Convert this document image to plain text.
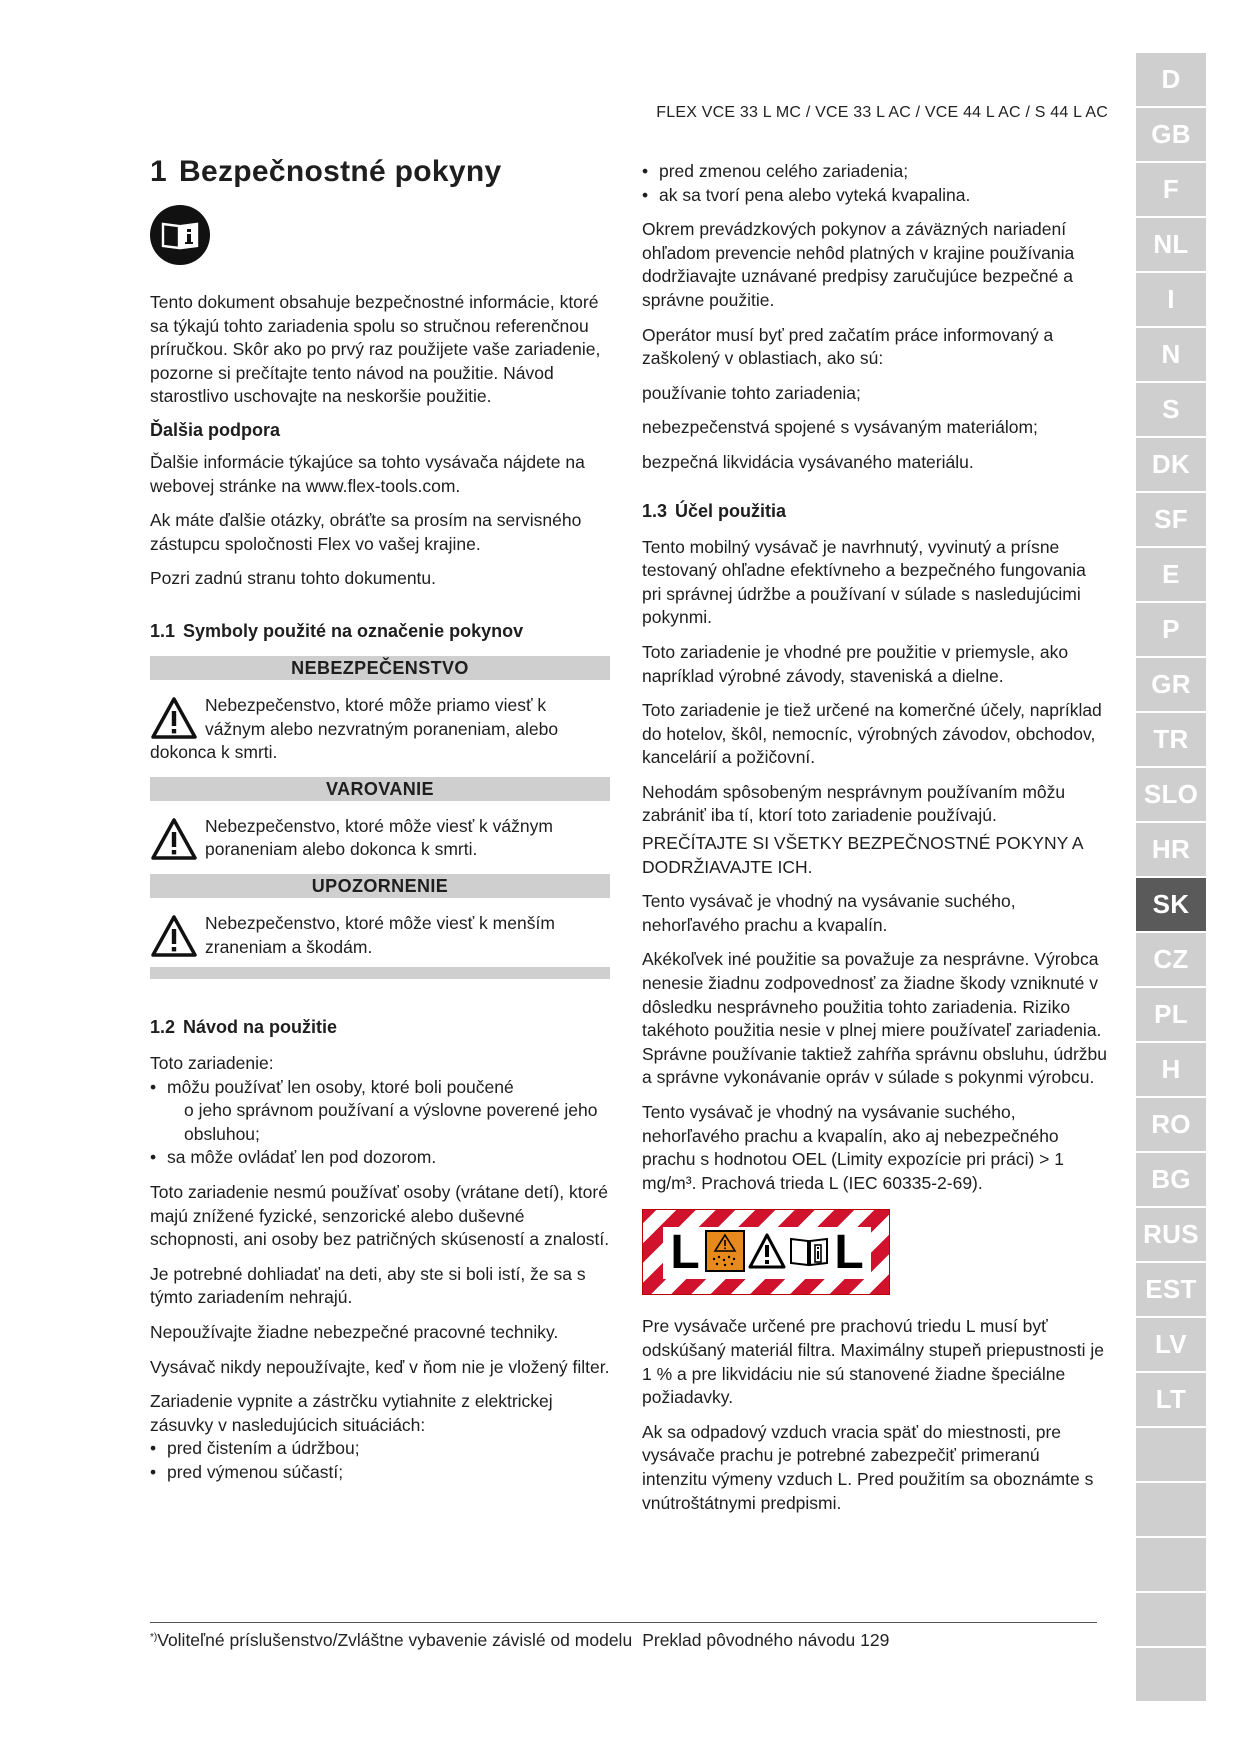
FLEX VCE 33 L MC / VCE 33 L AC / VCE 44 L AC / S 44 L AC
1 Bezpečnostné pokyny

Tento dokument obsahuje bezpečnostné informácie, ktoré sa týkajú tohto zariadenia spolu so stručnou referenčnou príručkou. Skôr ako po prvý raz použijete vaše zariadenie, pozorne si prečítajte tento návod na použitie. Návod starostlivo uschovajte na neskoršie použitie.

Ďalšia podpora

Ďalšie informácie týkajúce sa tohto vysávača nájdete na webovej stránke na www.flex-tools.com.

Ak máte ďalšie otázky, obráťte sa prosím na servisného zástupcu spoločnosti Flex vo vašej krajine.

Pozri zadnú stranu tohto dokumentu.

1.1 Symboly použité na označenie pokynov
NEBEZPEČENSTVO
Nebezpečenstvo, ktoré môže priamo viesť k vážnym alebo nezvratným poraneniam, alebo dokonca k smrti.
VAROVANIE
Nebezpečenstvo, ktoré môže viesť k vážnym poraneniam alebo dokonca k smrti.
UPOZORNENIE
Nebezpečenstvo, ktoré môže viesť k menším zraneniam a škodám.
1.2 Návod na použitie

Toto zariadenie:

• môžu používať len osoby, ktoré boli poučené
o jeho správnom používaní a výslovne poverené jeho obsluhou;
• sa môže ovládať len pod dozorom.

Toto zariadenie nesmú používať osoby (vrátane detí), ktoré majú znížené fyzické, senzorické alebo duševné schopnosti, ani osoby bez patričných skúseností a znalostí.

Je potrebné dohliadať na deti, aby ste si boli istí, že sa s týmto zariadením nehrajú.

Nepoužívajte žiadne nebezpečné pracovné techniky.

Vysávač nikdy nepoužívajte, keď v ňom nie je vložený filter.

Zariadenie vypnite a zástrčku vytiahnite z elektrickej zásuvky v nasledujúcich situáciách:

• pred čistením a údržbou;
• pred výmenou súčastí;
• pred zmenou celého zariadenia;
• ak sa tvorí pena alebo vyteká kvapalina.

Okrem prevádzkových pokynov a záväzných nariadení ohľadom prevencie nehôd platných v krajine používania dodržiavajte uznávané predpisy zaručujúce bezpečné a správne použitie.

Operátor musí byť pred začatím práce informovaný a zaškolený v oblastiach, ako sú:

používanie tohto zariadenia;

nebezpečenstvá spojené s vysávaným materiálom;

bezpečná likvidácia vysávaného materiálu.

1.3 Účel použitia

Tento mobilný vysávač je navrhnutý, vyvinutý a prísne testovaný ohľadne efektívneho a bezpečného fungovania pri správnej údržbe a používaní v súlade s nasledujúcimi pokynmi.

Toto zariadenie je vhodné pre použitie v priemysle, ako napríklad výrobné závody, staveniská a dielne.

Toto zariadenie je tiež určené na komerčné účely, napríklad do hotelov, škôl, nemocníc, výrobných závodov, obchodov, kancelárií a požičovní.

Nehodám spôsobeným nesprávnym používaním môžu zabrániť iba tí, ktorí toto zariadenie používajú.

PREČÍTAJTE SI VŠETKY BEZPEČNOSTNÉ POKYNY A DODRŽIAVAJTE ICH.

Tento vysávač je vhodný na vysávanie suchého, nehorľavého prachu a kvapalín.

Akékoľvek iné použitie sa považuje za nesprávne. Výrobca nenesie žiadnu zodpovednosť za žiadne škody vzniknuté v dôsledku nesprávneho použitia tohto zariadenia. Riziko takéhoto použitia nesie v plnej miere používateľ zariadenia. Správne používanie taktiež zahŕňa správnu obsluhu, údržbu a správne vykonávanie opráv v súlade s pokynmi výrobcu.

Tento vysávač je vhodný na vysávanie suchého, nehorľavého prachu a kvapalín, ako aj nebezpečného prachu s hodnotou OEL (Limity expozície pri práci) > 1 mg/m³. Prachová trieda L (IEC 60335-2-69).

L	L

Pre vysávače určené pre prachovú triedu L musí byť odskúšaný materiál filtra. Maximálny stupeň priepustnosti je 1 % a pre likvidáciu nie sú stanovené žiadne špeciálne požiadavky.

Ak sa odpadový vzduch vracia späť do miestnosti, pre vysávače prachu je potrebné zabezpečiť primeranú intenzitu výmeny vzduch L. Pred použitím sa oboznámte s vnútroštátnymi predpismi.

*)Voliteľné príslušenstvo/Zvláštne vybavenie závislé od modelu Preklad pôvodného návodu 129
D
GB
F
NL
I
N
S
DK
SF
E
P
GR
TR
SLO
HR
SK
CZ
PL
H
RO
BG
RUS
EST
LV
LT
